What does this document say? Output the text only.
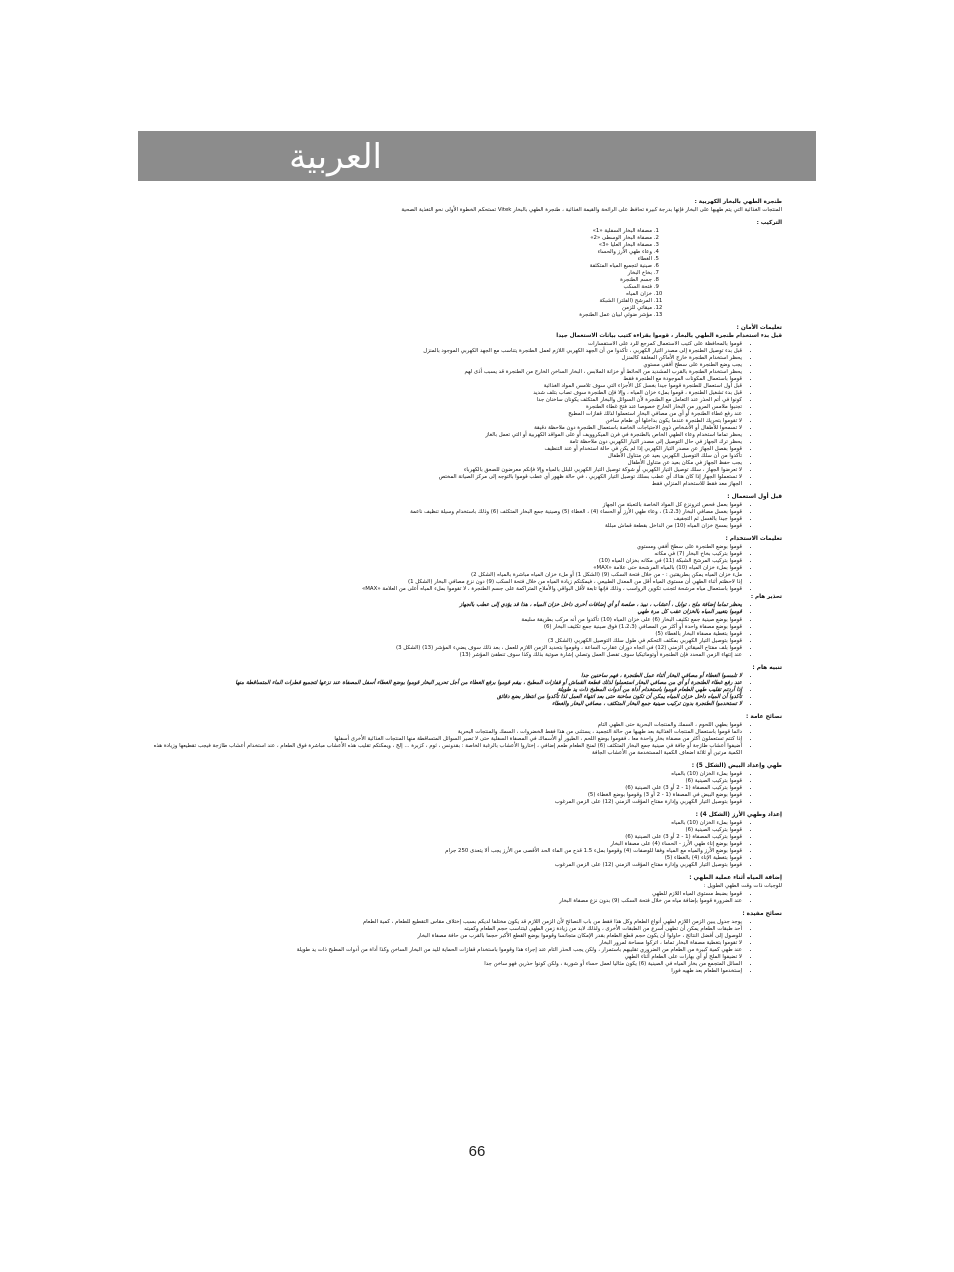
العربية
طنجرة الطهي بالبخار الكهربية :

المنتجات الغذائية التي يتم طهيها على البخار فإنها بدرجة كبيرة تحافظ على الرائحة والقيمة الغذائية ، طنجرة الطهي بالبخار Vitek تستحكم الخطوة الأولى نحو التغذية الصحية

التركيب :
1. مصفاة البخار السفلية «1»
2. مصفاة البخار الوسطى «2»
3. مصفاة البخار العليا «3»
4. وعاء طهي الأرز والحساء
5. الغطاء
6. صينية لتجميع المياه المتكثفة
7. بخاخ البخار
8. جسم الطنجرة
9. فتحة السكب
10. خزان المياه
11. المرشح (الفلتر) الشبكة
12. ميقاتي للزمن
13. مؤشر ضوئي لبيان عمل الطنجرة
تعليمات الأمان :
قبل بدء استخدام طنجرة الطهي بالبخار ، قوموا بقراءة كتيب بيانات الاستعمال جيدا
• قوموا بالمحافظة على كتيب الاستعمال كمرجع للرد على الاستفسارات
• قبل بدء توصيل الطنجرة إلى مصدر التيار الكهربي ، تأكدوا من أن الجهد الكهربي اللازم لعمل الطنجرة يتناسب مع الجهد الكهربي الموجود بالمنزل
• يحظر استخدام الطنجرة خارج الأماكن المغلقة كالمنزل
• يجب وضع الطنجرة على سطح أفقي مستوي
• يحظر استخدام الطنجرة بالقرب المشديد من الحائط أو خزانة الملابس ، البخار الساخن الخارج من الطنجرة قد يسبب أذى لهم
• قوموا باستعمال المكونات الموجودة مع الطنجرة فقط
• قبل أول استعمال للطنجرة قوموا جيدا بغسل كل الأجزاء التي سوف تلامس المواد الغذائية
• قبل بدء تشغيل الطنجرة ، قوموا بملء خزان المياه ، وإلا فإن الطنجرة سوف تصاب بتلف شديد
• كونوا في أتم الحذر عند التعامل مع الطنجرة لأن السوائل والبخار المتكثف يكونان ساخنان جدا
• تجنبوا ملامس المرور من البخار الخارج خصوصا عند فتح غطاء الطنجرة
• عند رفع غطاء الطنجرة أو أي من مصافي البخار استعملوا لذلك قفازات المطبخ
• لا تقوموا بتحريك الطنجرة عندما يكون بداخلها أي طعام ساخن
• لا تسمحوا للأطفال أو الأشخاص ذوي الاحتياجات الخاصة باستعمال الطنجرة دون ملاحظة دقيقة
• يحظر تماما استخدام وعاء الطهي الخاص بالطنجرة في فرن الميكروويف أو على المواقد الكهربية أو التي تعمل بالغاز
• يحظر ترك الجهاز في حال التوصيل إلى مصدر التيار الكهربي دون ملاحظة تامة
• قوموا بفصل الجهاز عن مصدر التيار الكهربي إذا لم يكن في حالة استخدام أو عند التنظيف
• تأكدوا من أن سلك التوصيل الكهربي بعيد عن متناول الأطفال
• يجب حفظ الجهاز في مكان بعيد عن متناول الأطفال
• لا تعرضوا الجهاز ، سلك توصيل التيار الكهربي أو شوكة توصيل التيار الكهربي للبلل بالمياه وإلا فإنكم معرضون للصعق بالكهرباء
• لا تستعملوا الجهاز إذا كان هناك أي عطب بسلك توصيل التيار الكهربي ، في حالة ظهور أي عطب قوموا بالتوجه إلى مركز الصيانة المختص
• الجهاز معد فقط للاستخدام المنزلي فقط
قبل أول استعمال :
• قوموا بعمل فحص لترونزع كل المواد الخاصة بالتعبئة من الجهاز
• قوموا بغسل مصافي البخار (1،2،3) ، وعاء طهي الأرز أو الحساء (4) ، الغطاء (5) وصينية جمع البخار المتكثف (6) وذلك باستخدام وسيلة تنظيف ناعمة
• قوموا جيدا بالغسل ثم التجفيف
• قوموا بمسح خزان المياه (10) من الداخل بقطعة قماش مبللة
تعليمات الاستخدام :
• قوموا بوضع الطنجرة على سطح أفقي ومستوي
• قوموا بتركيب بخاخ البخار (7) في مكانه
• قوموا بتركيب المرشح الشبكة (11) في مكانه بخزان المياه (10)
• قوموا بملء خزان المياه (10) بالمياه المرشحة حتى علامة «MAX»
• ملء خزان المياه يمكن بطريقتين : - من خلال فتحة السكب (9) (الشكل 1) أو ملء خزان المياه مباشرة بالمياه (الشكل 2)
• إذا لاحظتم أثناء الطهي أن مستوى المياه أقل من المعدل الطبيعي ، فيمكنكم زيادة المياه من خلال فتحة السكب (9) دون نزع مصافي البخار (الشكل 1)
• قوموا باستعمال مياه مرشحة لتجنب تكوين الرواسب ، وذلك فإنها تابعة لأقل البواقي والأملاح المتراكمة على جسم الطنجرة ، لا تقوموا بملء المياه أعلى من العلامة «MAX»
تحذير هام :
• يحظر تماما إضافة ملح ، توابل ، أعشاب ، نبيذ ، صلصة أو أي إضافات أخرى داخل خزان المياه ، هذا قد يؤدي إلى عطب بالجهاز
• قوموا بتغيير المياه بالخزان عقب كل مرة طهي
• قوموا بوضع صينية جمع تكثيف البخار (6) على خزان المياه (10) تأكدوا من أنه مركب بطريقة سليمة
• قوموا بوضع مصفاة واحدة أو أكثر من المصافي (1،2،3) فوق صينية جمع تكثيف البخار (6)
• قوموا بتغطية مصفاة البخار بالغطاء (5)
• قوموا بتوصيل التيار الكهربي بمكثف التحكم في طول سلك التوصيل الكهربي (الشكل 3)
• قوموا بلف مفتاح الميقاتي الزمني (12) في اتجاه دوران عقارب الساعة ، وقوموا بتحديد الزمن اللازم للعمل ، بعد ذلك سوف يضيء المؤشر (13) (الشكل 3)
• عند إنتهاء الزمن المحدد فإن الطنجرة أوتوماتيكيا سوف تفصل العمل وتصلي إشارة صوتية بذلك وكذا سوف تنطفئ المؤشر (13)
تنبيه هام :
• لا تلمسوا الغطاء أو مصافي البخار أثناء عمل الطنجرة ، فهم ساخنين جدا
• عند رفع غطاء الطنجرة أو أي من مصافي البخار استعملوا لذلك قطعة القماش أو قفازات المطبخ ، بيقم قوموا برفع الغطاء من أجل تحرير البخار قوموا بوضع الغطاء أسفل المصفاة عند نزعها لتجميع قطرات الماء المتساقطة منها
• إذا أردتم تقليب طهي الطعام قوموا باستخدام أداة من أدوات المطبخ ذات يد طويلة
• تأكدوا أن المياه داخل خزان المياه يمكن أن تكون ساخنة حتى بعد انتهاء العمل لذا تأكدوا من انتظار بضع دقائق
• لا تستخدموا الطنجرة بدون تركيب صينية جمع البخار المتكثف ، مصافي البخار والغطاء
نصائح عامة :
• قوموا بطهي اللحوم ، السمك والمنتجات البحرية حتى الطهي التام
• دائما قوموا باستعمال المنتجات الغذائية بعد طهيها من حالة التجميد ، يستثنى من هذا فقط الخضروات ، السمك والمنتجات البحرية
• إذا كنتم تستعملون أكثر من مصفاة بخار واحدة معا ، فقوموا بوضع اللحم ، الطيور أو الأسماك في المصفاة السفلية حتى لا تصير السوائل المتساقطة منها المنتجات الغذائية الأخرى أسفلها
• أضيفوا أعشاب طازجة أو جافة في صينية جمع البخار المتكثف (6) لمنح الطعام طعم إضافي ، إختاروا الأعشاب بالرغبة الخاصة : بقدونس ، ثوم ، كزبرة ... إلخ ، ويمكنكم تقليب هذه الأعشاب مباشرة فوق الطعام ، عند استخدام أعشاب طازجة فيجب تقطيعها وزيادة هذه الكمية مرتين أو ثلاثة اضعاف الكمية المستخدمة من الأعشاب الجافة
طهي وإعداد البيض (الشكل 5) :
• قوموا بملء الخزان (10) بالمياه
• قوموا بتركيب الصينية (6)
• قوموا بتركيب المصفاة (1 - 2 أو 3) على الصينية (6)
• قوموا بوضع البيض في المصفاة (1 - 2 أو 3) وقوموا بوضع الغطاء (5)
• قوموا بتوصيل التيار الكهربي وإدارة مفتاح المؤقت الزمني (12) على الزمن المرغوب
إعداد وطهي الأرز (الشكل 4) :
• قوموا بملء الخزان (10) بالمياه
• قوموا بتركيب الصينية (6)
• قوموا بتركيب المصفاة (1 - 2 أو 3) على الصينية (6)
• قوموا بوضع إناء طهي الأرز - الحساء (4) على مصفاة البخار
• قوموا بوضع الأرز والمياه مع المياه وفقا للوصفات (4) وقوموا بملء 1.5 قدح من الماء الحد الأقصى من الأرز يجب ألا يتعدى 250 جرام
• قوموا بتغطية الإناء (4) بالغطاء (5)
• قوموا بتوصيل التيار الكهربي وإدارة مفتاح المؤقت الزمني (12) على الزمن المرغوب
إضافة المياه أثناء عملية الطهي :

للوجبات ذات وقت الطهي الطويل :

• قوموا بضبط مستوى المياه اللازم للطهي
• عند الضرورة قوموا بإضافة مياه من خلال فتحة السكب (9) بدون نزع مصفاة البخار
نصائح مفيدة :
• يوجد جدول يبين الزمن اللازم لطهي أنواع الطعام وكل هذا فقط من باب النصائح لأن الزمن اللازم قد يكون مختلفا لديكم بسبب إختلاف مقاس التقطيع للطعام ، كمية الطعام
• أحد طبقات الطعام يمكن أن تطهى أسرع من الطبقات الأخرى ، ولذلك لابد من زيادة زمن الطهي ليتناسب حجم الطعام وكميته
• للوصول إلى أفضل النتائج ، حاولوا أن يكون حجم قطع الطعام بقدر الإمكان متجانسا وقوموا بوضع القطع الأكبر حجما بالقرب من حافة مصفاة البخار
• لا تقوموا بتغطية مصفاة البخار تماما ، اتركوا مساحة لمرور البخار
• عند طهي كمية كبيرة من الطعام من الضروري تقليبهم باستمرار ، ولكن يجب الحذر التام عند إجراء هذا وقوموا باستخدام قفازات الحماية لليد من البخار الساخن وكذا أداة من أدوات المطبخ ذات يد طويلة
• لا تضيفوا الملح أو أي بهارات على الطعام أثناء الطهي
• السائل المتجمع من بخار المياه في الصينية (6) يكون مثاليا لعمل حساء أو شوربة ، ولكن كونوا حذرين فهو ساخن جدا
• إستخدموا الطعام بعد طهيه فورا
66
